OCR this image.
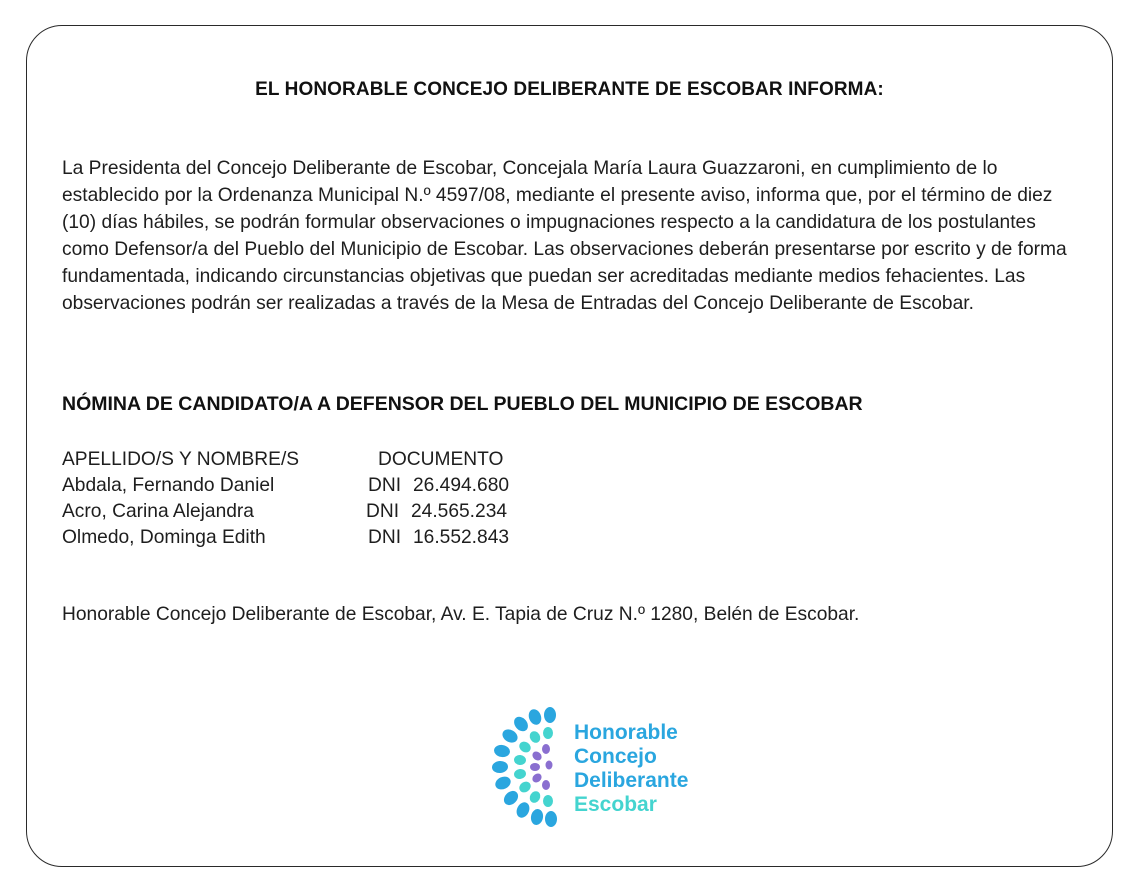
EL HONORABLE CONCEJO DELIBERANTE DE ESCOBAR INFORMA:
La Presidenta del Concejo Deliberante de Escobar, Concejala María Laura Guazzaroni, en cumplimiento de lo establecido por la Ordenanza Municipal N.º 4597/08, mediante el presente aviso, informa que, por el término de diez (10) días hábiles, se podrán formular observaciones o impugnaciones respecto a la candidatura de los postulantes como Defensor/a del Pueblo del Municipio de Escobar. Las observaciones deberán presentarse por escrito y de forma fundamentada, indicando circunstancias objetivas que puedan ser acreditadas mediante medios fehacientes. Las observaciones podrán ser realizadas a través de la Mesa de Entradas del Concejo Deliberante de Escobar.
NÓMINA DE CANDIDATO/A A DEFENSOR DEL PUEBLO DEL MUNICIPIO DE ESCOBAR
APELLIDO/S Y NOMBRE/S	DOCUMENTO
Abdala, Fernando Daniel	DNI 26.494.680
Acro, Carina Alejandra	DNI 24.565.234
Olmedo, Dominga Edith	DNI 16.552.843
Honorable Concejo Deliberante de Escobar, Av. E. Tapia de Cruz N.º 1280, Belén de Escobar.
Honorable
Concejo
Deliberante
Escobar
